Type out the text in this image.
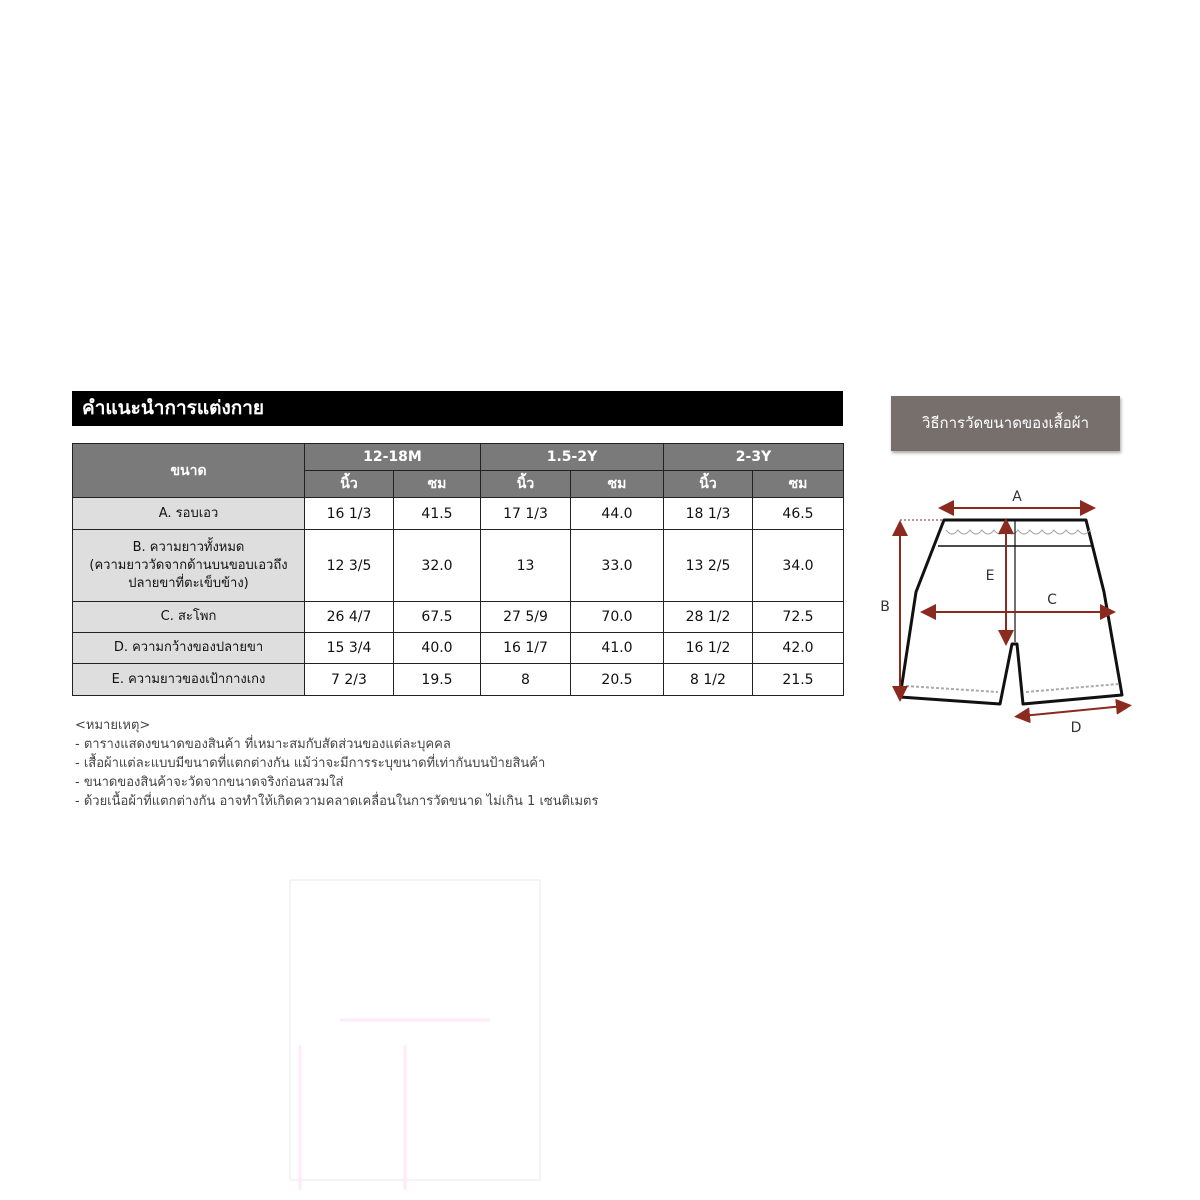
คำแนะนำการแต่งกาย
ขนาด	12-18M		1.5-2Y		2-3Y	
	นิ้ว	ซม	นิ้ว	ซม	นิ้ว	ซม
A. รอบเอว	16 1/3	41.5	17 1/3	44.0	18 1/3	46.5

B. ความยาวทั้งหมด
(ความยาววัดจากด้านบนขอบเอวถึง
ปลายขาที่ตะเข็บข้าง)	12 3/5	32.0	13	33.0	13 2/5	34.0
C. สะโพก	26 4/7	67.5	27 5/9	70.0	28 1/2	72.5
D. ความกว้างของปลายขา	15 3/4	40.0	16 1/7	41.0	16 1/2	42.0
E. ความยาวของเป้ากางเกง	7 2/3	19.5	8	20.5	8 1/2	21.5
<หมายเหตุ>
- ตารางแสดงขนาดของสินค้า ที่เหมาะสมกับสัดส่วนของแต่ละบุคคล
- เสื้อผ้าแต่ละแบบมีขนาดที่แตกต่างกัน แม้ว่าจะมีการระบุขนาดที่เท่ากันบนป้ายสินค้า
- ขนาดของสินค้าจะวัดจากขนาดจริงก่อนสวมใส่
- ด้วยเนื้อผ้าที่แตกต่างกัน อาจทำให้เกิดความคลาดเคลื่อนในการวัดขนาด ไม่เกิน 1 เซนติเมตร
วิธีการวัดขนาดของเสื้อผ้า
A
B	C
E
D
